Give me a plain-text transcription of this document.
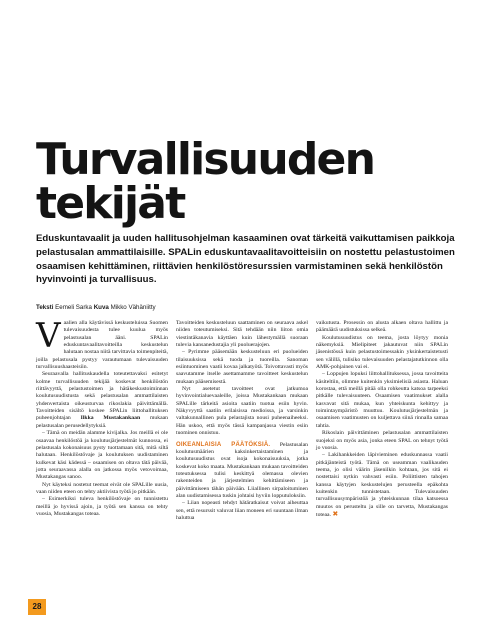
Turvallisuuden
tekijät

Eduskuntavaalit ja uuden hallitusohjelman kasaaminen ovat tärkeitä vaikuttamisen paikkoja pelastusalan ammattilaisille. SPALin eduskuntavaalitavoitteisiin on nostettu pelastustoimen osaamisen kehittäminen, riittävien henkilöstöresurssien varmistaminen sekä henkilöstön hyvinvointi ja turvallisuus.

Teksti Eemeli Sarka Kuva Mikko Vähäniitty

Vaalien alla käytävissä keskusteluissa Suomen tulevaisuudesta tulee kuulua myös pelastusalan ääni. SPALin eduskuntavaalitavoitteilla keskustelun halutaan nostaa niitä tarvittavia toimenpiteitä, joilla pelastusala pystyy varautumaan tulevaisuuden turvallisuushaasteisiin.

Seuraavalla hallituskaudella toteutettavaksi esitetyt kolme turvallisuuden tekijää koskevat henkilöstön riittävyyttä, pelastustoimen ja hätäkeskustoiminnan koulutusuudistusta sekä pelastusalan ammattilaisten yhdenvertaista oikeusturvaa rikoslakia päivittämällä. Tavoitteiden sisältö koskee SPALin liittohallituksen puheenjohtajan Ilkka Mustakankaan mukaan pelastusalan perusedellytyksiä.

– Tämä on meidän alamme kivijalka. Jos meillä ei ole osaavaa henkilöstöä ja koulutusjärjestelmät kunnossa, ei pelastusala kokonaisuus pysty tuottamaan sitä, mitä siltä halutaan. Henkilöstövaje ja koulutuksen uudistaminen kulkevat käsi kädessä – osaamisen on oltava tätä päivää, jotta seuraavassa alalla on jatkossa myös vetovoimaa, Mustakangas sanoo.

Nyt käyteksi nostetut teemat eivät ole SPALille uusia, vaan niiden eteen on tehty aktiivista työtä jo pitkään.

– Esimerkiksi tuleva henkilöstövaje on tunnistettu meillä jo hyvissä ajoin, ja työtä sen kanssa on tehty vuosia, Mustakangas toteaa.

Tavoitteiden keskusteluun saattaminen on seuraava askel niiden toteutumiseksi. Sitä tehdään niin liiton omia viestintäkanavia käyttäen kuin lähestymällä suoraan tulevia kansanedustajia yli puoluerajojen.

– Pyrimme pääsemään keskusteluun eri puolueiden tilaisuuksissa sekä tuoda ja tuoreilla. Sanoman esiintuominen vaatii kovaa jalkatyötä. Toivottavasti myös saavutamme itselle asettamamme tavoitteet keskustelun mukaan pääsemisestä.

Nyt asetetut tavoitteet ovat jatkumoa hyvinvointialuevaaleille, joissa Mustakankaan mukaan SPALille tärkeitä asioita saatiin tuotua esiin hyvin. Näkyvyyttä saatiin erilaisissa medioissa, ja varsinkin valtakunnallinen pula pelastajista nousi puheenaiheeksi. Hän uskoo, että myös tässä kampanjassa viestin esiin tuominen onnistuu.

OIKEANLAISIA PÄÄTÖKSIÄ. Pelastusalan koulutusmäärien kaksinkertaistaminen ja koulutusuudistus ovat isoja kokonaisuuksia, jotka koskevat koko maata. Mustakankaan mukaan tavoitteiden toteutuksessa tulisi keskittyä olemassa olevien rakenteiden ja järjestelmien kehittämiseen ja päivittämiseen tähän päivään. Liiallinen sirpaloituminen alan uudistamisessa tuskin johtaisi hyviin lopputuloksiin.

– Liian nopeasti tehdyt hätäratkaisut voivat aiheuttaa sen, että resurssit valuvat liian moneen eri suuntaan ilman haluttua

vaikutusta. Prosessin on alusta alkaen oltava hallittu ja päämäärä uudistuksissa selkeä.

Koulutusuudistus on teema, josta löytyy monia näkemyksiä. Mielipiteet jakautuvat niin SPALin jäsenistössä kuin pelastustoimessakin yksinkertaistetusti sen välillä, tulisiko tulevaisuuden pelastajatutkinnon olla AMK-pohjainen vai ei.

– Loppujen lopuksi liittohallituksessa, jossa tavoitteita käsiteltiin, olimme kuitenkin yksimielisiä asiasta. Haluan korostaa, että meillä pitää olla rohkeutta katsoa tarpeeksi pitkälle tulevaisuuteen. Osaamisen vaatimukset alalla kasvavat sitä mukaa, kun yhteiskunta kehittyy ja toimintaympäristö muuttuu. Koulutusjärjestelmän ja osaamisen vaatimusten on kuljettava siinä rinnalla samaa tahtia.

Rikoslain päivittäminen pelastusalan ammattilaisten suojeksi on myös asia, jonka eteen SPAL on tehnyt työtä jo vuosia.

– Lakihankkeiden läpivieminen eduskunnassa vaatii pitkäjänteistä työtä. Tämä on useamman vaalikauden teema, jo olisi väärin jäsenilkin kohtaan, jos sitä ei nostettaisi nytkin vahvasti esiin. Poliittisten tahojen kanssa käytyjen keskustelujen perusteella epäkohta kuitenkin tunnistetaan. Tulevaisuuden turvallisuusympäristöä ja yhteiskunnan tilaa katsoessa muutos on perusteltu ja sille on tarvetta, Mustakangas toteaa. ✖

28
